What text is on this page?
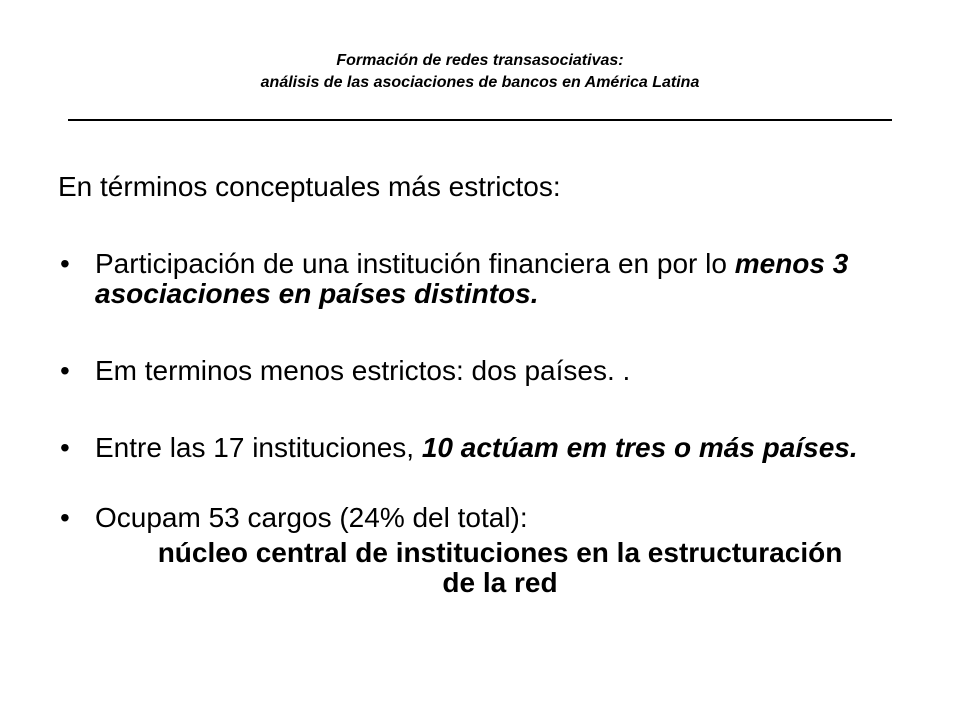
Formación de redes transasociativas:
análisis de las asociaciones de bancos en América Latina
En términos conceptuales más estrictos:
• Participación de una institución financiera en por lo menos 3 asociaciones en países distintos.
• Em terminos menos estrictos: dos países. .
• Entre las 17 instituciones, 10 actúam em tres o más países.
• Ocupam 53 cargos (24% del total):
núcleo central de instituciones en la estructuración
de la red
